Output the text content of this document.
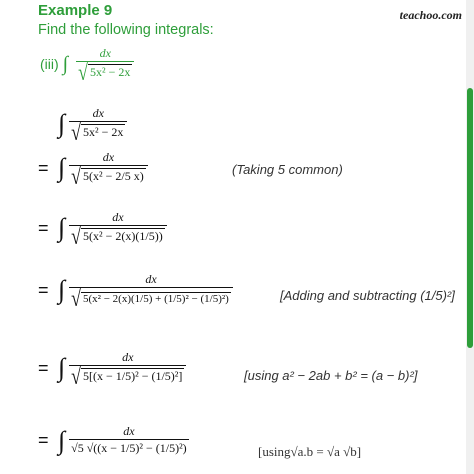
Example 9
Find the following integrals:
teachoo.com
(iii) ∫ $\frac{dx}{\text{√ 5x² − 2x}}$
∫ $\frac{dx}{\text{√ 5x² − 2x}}$
= ∫ $\frac{dx}{\text{√ 5(x² − 2/5 x)}}$	(Taking 5 common)
= ∫ $\frac{dx}{\text{√ 5(x² − 2(x)(1/5))}}$
= ∫ $\frac{dx}{\text{√ 5(x² − 2(x)(1/5) + (1/5)² − (1/5)²)}}$	[Adding and subtracting (1/5)²]
= ∫ $\frac{dx}{\text{√ 5[(x − 1/5)² − (1/5)²]}}$	[using a² − 2ab + b² = (a − b)²]
= ∫ $\frac{dx}{\text{√5 √((x − 1/5)² − (1/5)²)}}$	[using√a.b = √a √b]
